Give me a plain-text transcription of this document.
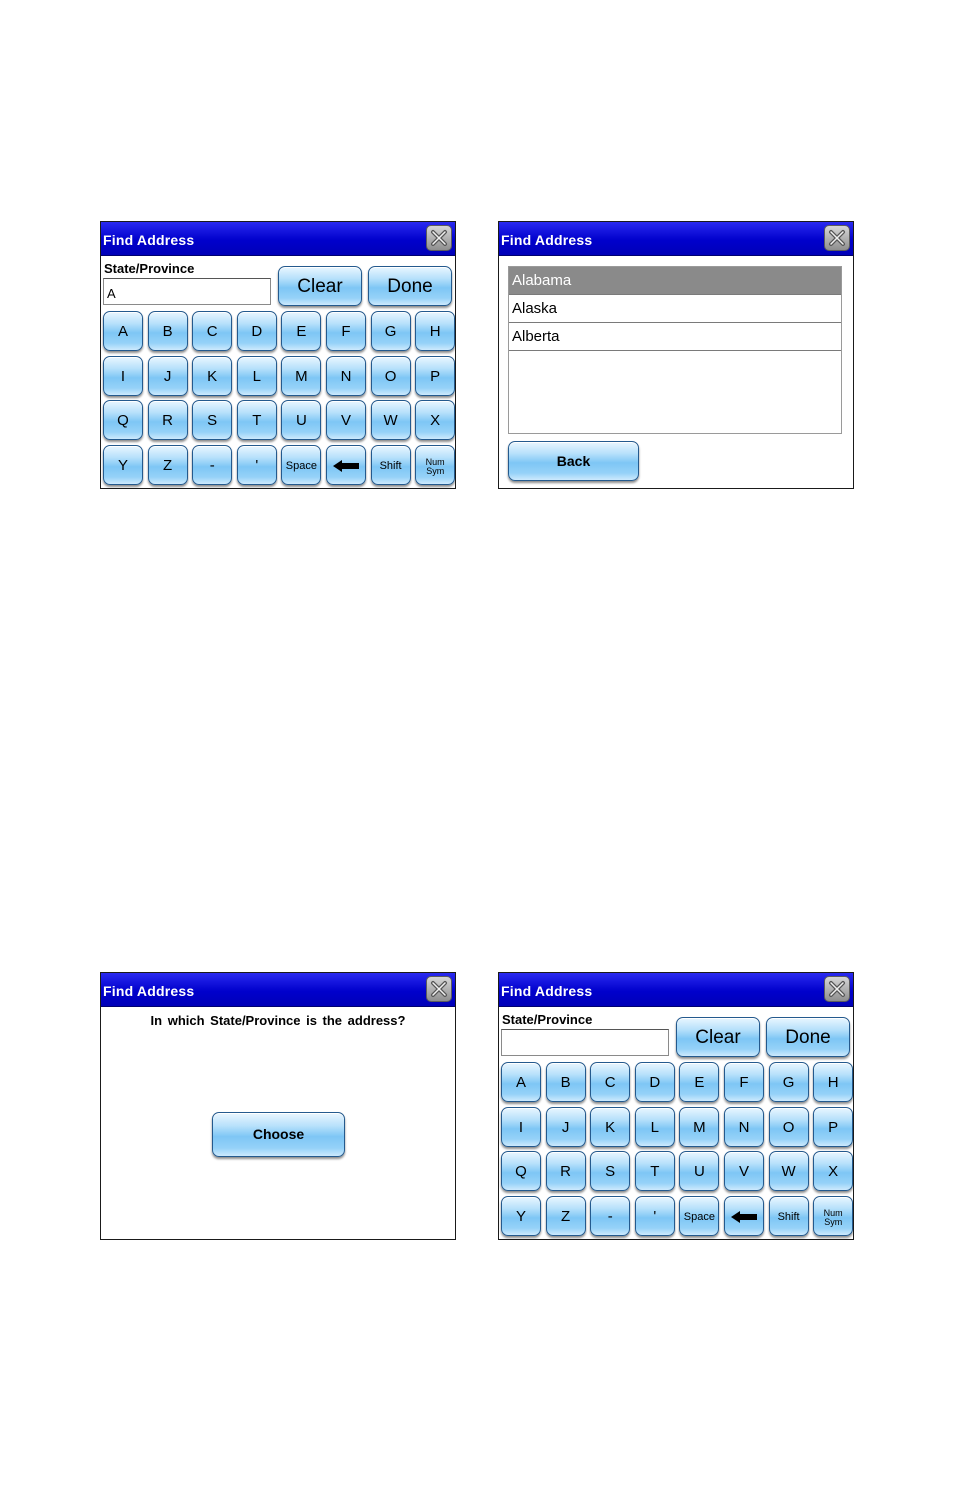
Find Address
State/Province
A	Clear	Done
A	B	C	D	E	F	G	H
I	J	K	L	M	N	O	P
Q	R	S	T	U	V	W	X
Y	Z	-	'	Space	Shift	Num
Sym
Find Address
Alabama
Alaska
Alberta
Back
Find Address
In which State/Province is the address?
Choose
Find Address
State/Province
Clear	Done
A	B	C	D	E	F	G	H
I	J	K	L	M	N	O	P
Q	R	S	T	U	V	W	X
Y	Z	-	'	Space	Shift	Num
Sym
